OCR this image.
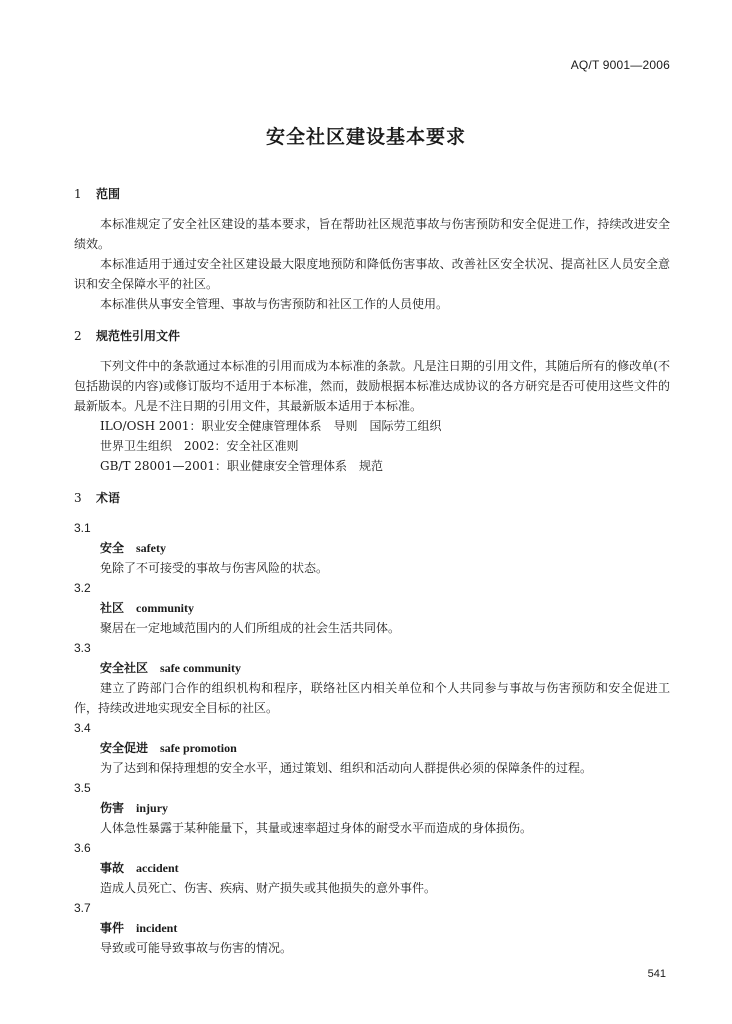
AQ/T 9001—2006
安全社区建设基本要求

1 范围

本标准规定了安全社区建设的基本要求，旨在帮助社区规范事故与伤害预防和安全促进工作，持续改进安全绩效。

本标准适用于通过安全社区建设最大限度地预防和降低伤害事故、改善社区安全状况、提高社区人员安全意识和安全保障水平的社区。

本标准供从事安全管理、事故与伤害预防和社区工作的人员使用。

2 规范性引用文件

下列文件中的条款通过本标准的引用而成为本标准的条款。凡是注日期的引用文件，其随后所有的修改单(不包括勘误的内容)或修订版均不适用于本标准，然而，鼓励根据本标准达成协议的各方研究是否可使用这些文件的最新版本。凡是不注日期的引用文件，其最新版本适用于本标准。

ILO/OSH 2001：职业安全健康管理体系　导则　国际劳工组织

世界卫生组织　2002：安全社区准则

GB/T 28001—2001：职业健康安全管理体系　规范

3 术语

3.1

安全 safety

免除了不可接受的事故与伤害风险的状态。

3.2

社区 community

聚居在一定地域范围内的人们所组成的社会生活共同体。

3.3

安全社区 safe community

建立了跨部门合作的组织机构和程序，联络社区内相关单位和个人共同参与事故与伤害预防和安全促进工作，持续改进地实现安全目标的社区。

3.4

安全促进 safe promotion

为了达到和保持理想的安全水平，通过策划、组织和活动向人群提供必须的保障条件的过程。

3.5

伤害 injury

人体急性暴露于某种能量下，其量或速率超过身体的耐受水平而造成的身体损伤。

3.6

事故 accident

造成人员死亡、伤害、疾病、财产损失或其他损失的意外事件。

3.7

事件 incident

导致或可能导致事故与伤害的情况。

541
